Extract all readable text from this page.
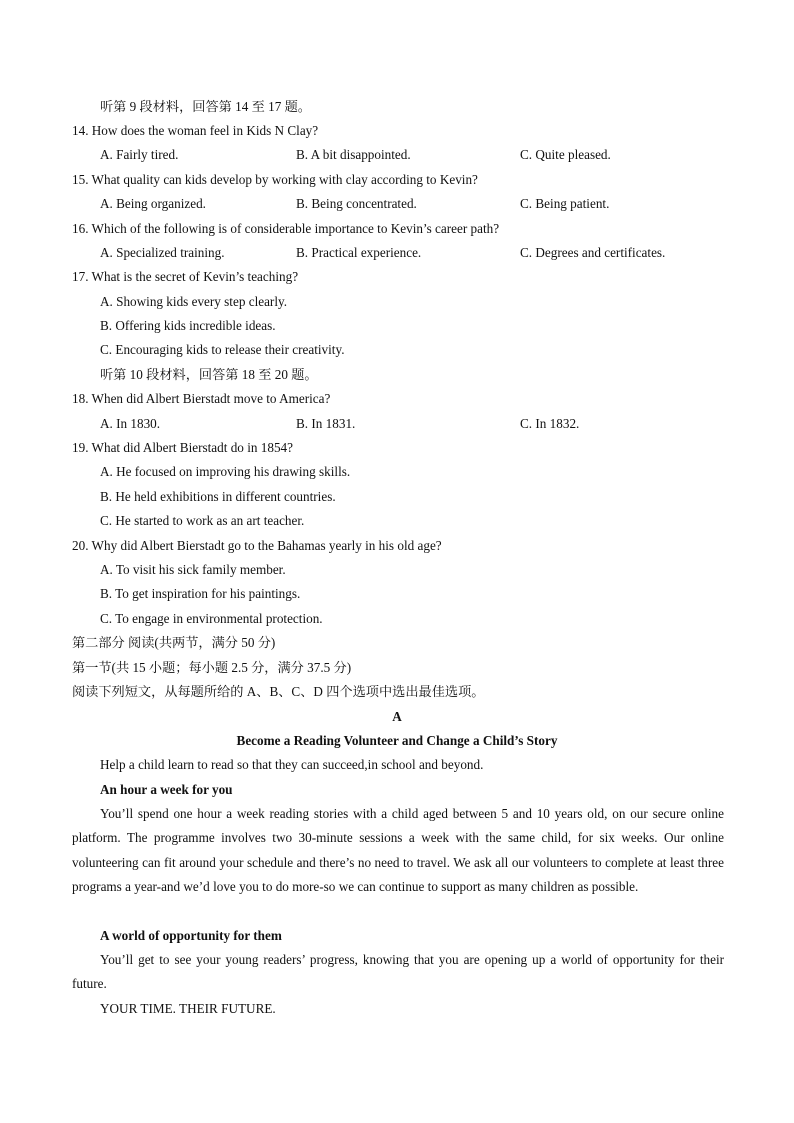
听第 9 段材料，回答第 14 至 17 题。
14. How does the woman feel in Kids N Clay?
A. Fairly tired.	B. A bit disappointed.	C. Quite pleased.
15. What quality can kids develop by working with clay according to Kevin?
A. Being organized.	B. Being concentrated.	C. Being patient.
16. Which of the following is of considerable importance to Kevin’s career path?
A. Specialized training.	B. Practical experience.	C. Degrees and certificates.
17. What is the secret of Kevin’s teaching?
A. Showing kids every step clearly.
B. Offering kids incredible ideas.
C. Encouraging kids to release their creativity.
听第 10 段材料，回答第 18 至 20 题。
18. When did Albert Bierstadt move to America?
A. In 1830.	B. In 1831.	C. In 1832.
19. What did Albert Bierstadt do in 1854?
A. He focused on improving his drawing skills.
B. He held exhibitions in different countries.
C. He started to work as an art teacher.
20. Why did Albert Bierstadt go to the Bahamas yearly in his old age?
A. To visit his sick family member.
B. To get inspiration for his paintings.
C. To engage in environmental protection.
第二部分 阅读(共两节，满分 50 分)
第一节(共 15 小题；每小题 2.5 分，满分 37.5 分)
阅读下列短文，从每题所给的 A、B、C、D 四个选项中选出最佳选项。
A
Become a Reading Volunteer and Change a Child’s Story
Help a child learn to read so that they can succeed,in school and beyond.
An hour a week for you
You’ll spend one hour a week reading stories with a child aged between 5 and 10 years old, on our secure online platform. The programme involves two 30-minute sessions a week with the same child, for six weeks. Our online volunteering can fit around your schedule and there’s no need to travel. We ask all our volunteers to complete at least three programs a year-and we’d love you to do more-so we can continue to support as many children as possible.
A world of opportunity for them
You’ll get to see your young readers’ progress, knowing that you are opening up a world of opportunity for their future.
YOUR TIME. THEIR FUTURE.
